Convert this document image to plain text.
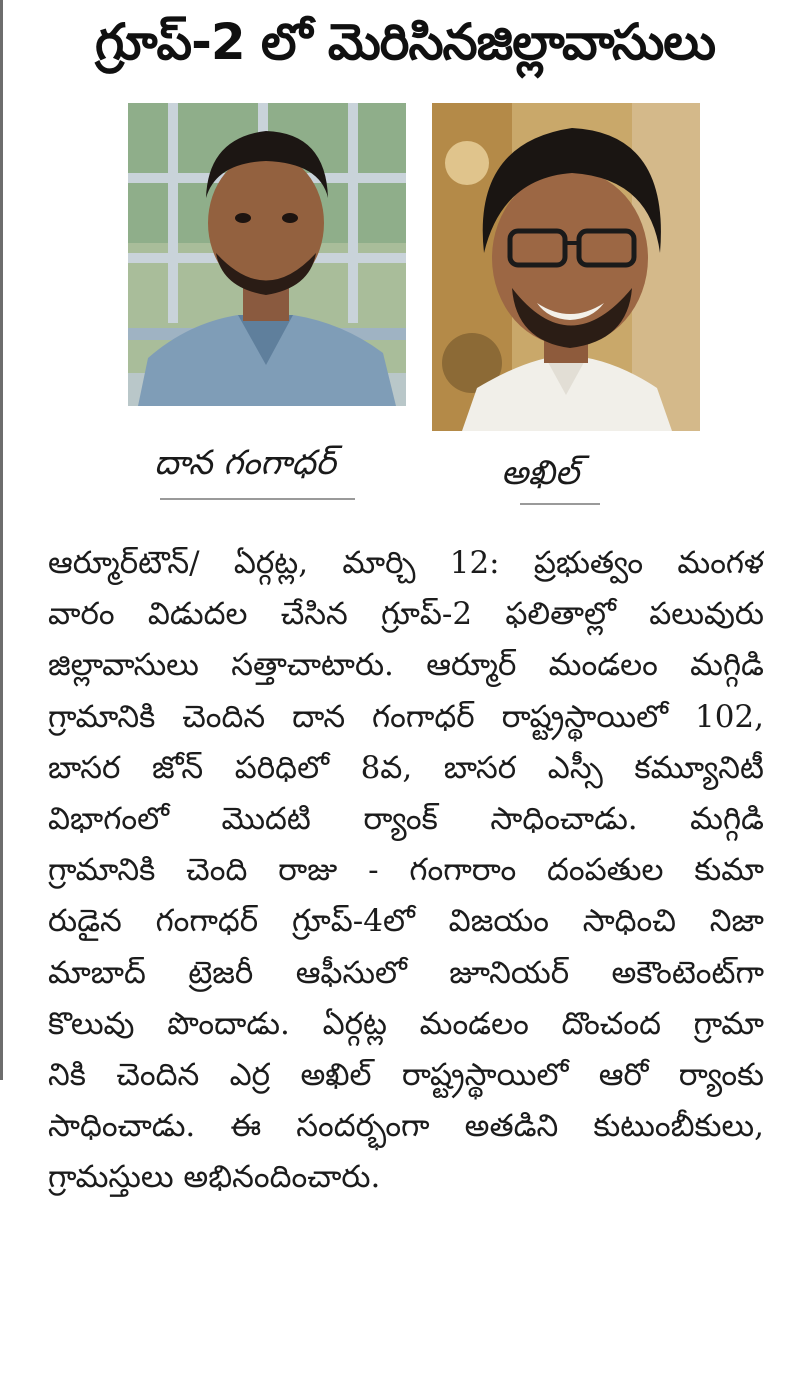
గ్రూప్-2 లో మెరిసినజిల్లావాసులు
దాన గంగాధర్	అఖిల్
ఆర్మూర్‌టౌన్/ ఏర్గట్ల, మార్చి 12: ప్రభుత్వం మంగళ
వారం విడుదల చేసిన గ్రూప్-2 ఫలితాల్లో పలువురు
జిల్లావాసులు సత్తాచాటారు. ఆర్మూర్ మండలం మగ్గిడి
గ్రామానికి చెందిన దాన గంగాధర్ రాష్ట్రస్థాయిలో 102,
బాసర జోన్ పరిధిలో 8వ, బాసర ఎస్సీ కమ్యూనిటీ
విభాగంలో మొదటి ర్యాంక్ సాధించాడు. మగ్గిడి
గ్రామానికి చెంది రాజు - గంగారాం దంపతుల కుమా
రుడైన గంగాధర్ గ్రూప్-4లో విజయం సాధించి నిజా
మాబాద్ ట్రెజరీ ఆఫీసులో జూనియర్ అకౌంటెంట్‌గా
కొలువు పొందాడు. ఏర్గట్ల మండలం దొంచంద గ్రామా
నికి చెందిన ఎర్ర అఖిల్ రాష్ట్రస్థాయిలో ఆరో ర్యాంకు
సాధించాడు. ఈ సందర్భంగా అతడిని కుటుంబీకులు,
గ్రామస్తులు అభినందించారు.
